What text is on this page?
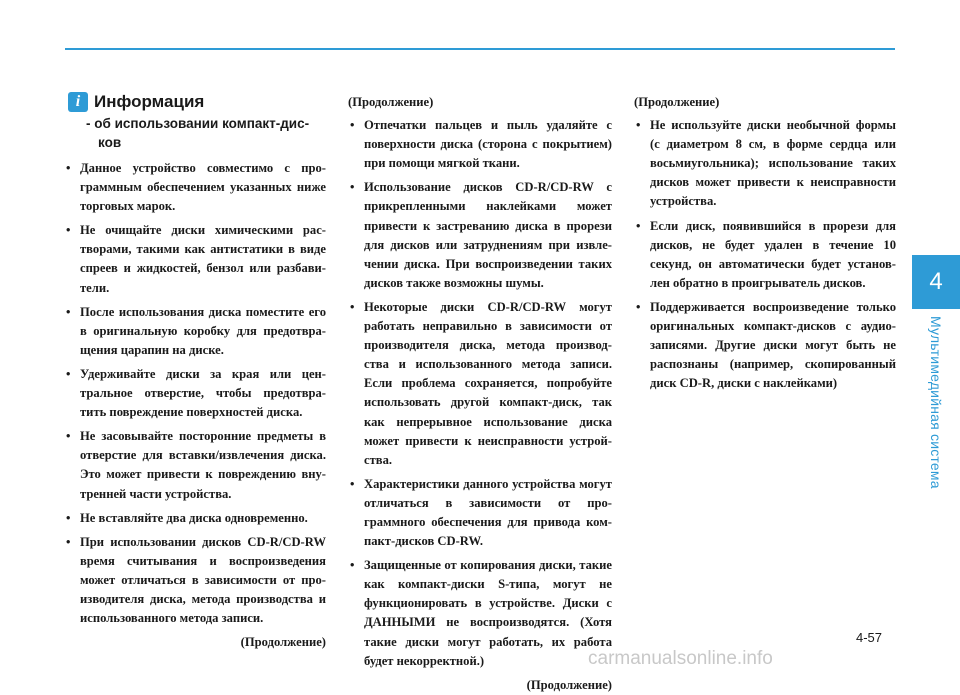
4
Мультимедийная система
i Информация
- об использовании компакт-дис-ков
• Данное устройство совместимо с про-граммным обеспечением указанных ниже торговых марок.
• Не очищайте диски химическими рас-творами, такими как антистатики в виде спреев и жидкостей, бензол или разбави-тели.
• После использования диска поместите его в оригинальную коробку для предотвра-щения царапин на диске.
• Удерживайте диски за края или цен-тральное отверстие, чтобы предотвра-тить повреждение поверхностей диска.
• Не засовывайте посторонние предметы в отверстие для вставки/извлечения диска. Это может привести к повреждению вну-тренней части устройства.
• Не вставляйте два диска одновременно.
• При использовании дисков CD-R/CD-RW время считывания и воспроизведения может отличаться в зависимости от про-изводителя диска, метода производства и использованного метода записи.
(Продолжение)
(Продолжение)
• Отпечатки пальцев и пыль удаляйте с поверхности диска (сторона с покрытием) при помощи мягкой ткани.
• Использование дисков CD-R/CD-RW с прикрепленными наклейками может привести к застреванию диска в прорези для дисков или затруднениям при извле-чении диска. При воспроизведении таких дисков также возможны шумы.
• Некоторые диски CD-R/CD-RW могут работать неправильно в зависимости от производителя диска, метода производ-ства и использованного метода записи. Если проблема сохраняется, попробуйте использовать другой компакт-диск, так как непрерывное использование диска может привести к неисправности устрой-ства.
• Характеристики данного устройства могут отличаться в зависимости от про-граммного обеспечения для привода ком-пакт-дисков CD-RW.
• Защищенные от копирования диски, такие как компакт-диски S-типа, могут не функционировать в устройстве. Диски с ДАННЫМИ не воспроизводятся. (Хотя такие диски могут работать, их работа будет некорректной.)
(Продолжение)
(Продолжение)
• Не используйте диски необычной формы (с диаметром 8 см, в форме сердца или восьмиугольника); использование таких дисков может привести к неисправности устройства.
• Если диск, появившийся в прорези для дисков, не будет удален в течение 10 секунд, он автоматически будет установ-лен обратно в проигрыватель дисков.
• Поддерживается воспроизведение только оригинальных компакт-дисков с аудио-записями. Другие диски могут быть не распознаны (например, скопированный диск CD-R, диски с наклейками)
4-57
carmanualsonline.info
